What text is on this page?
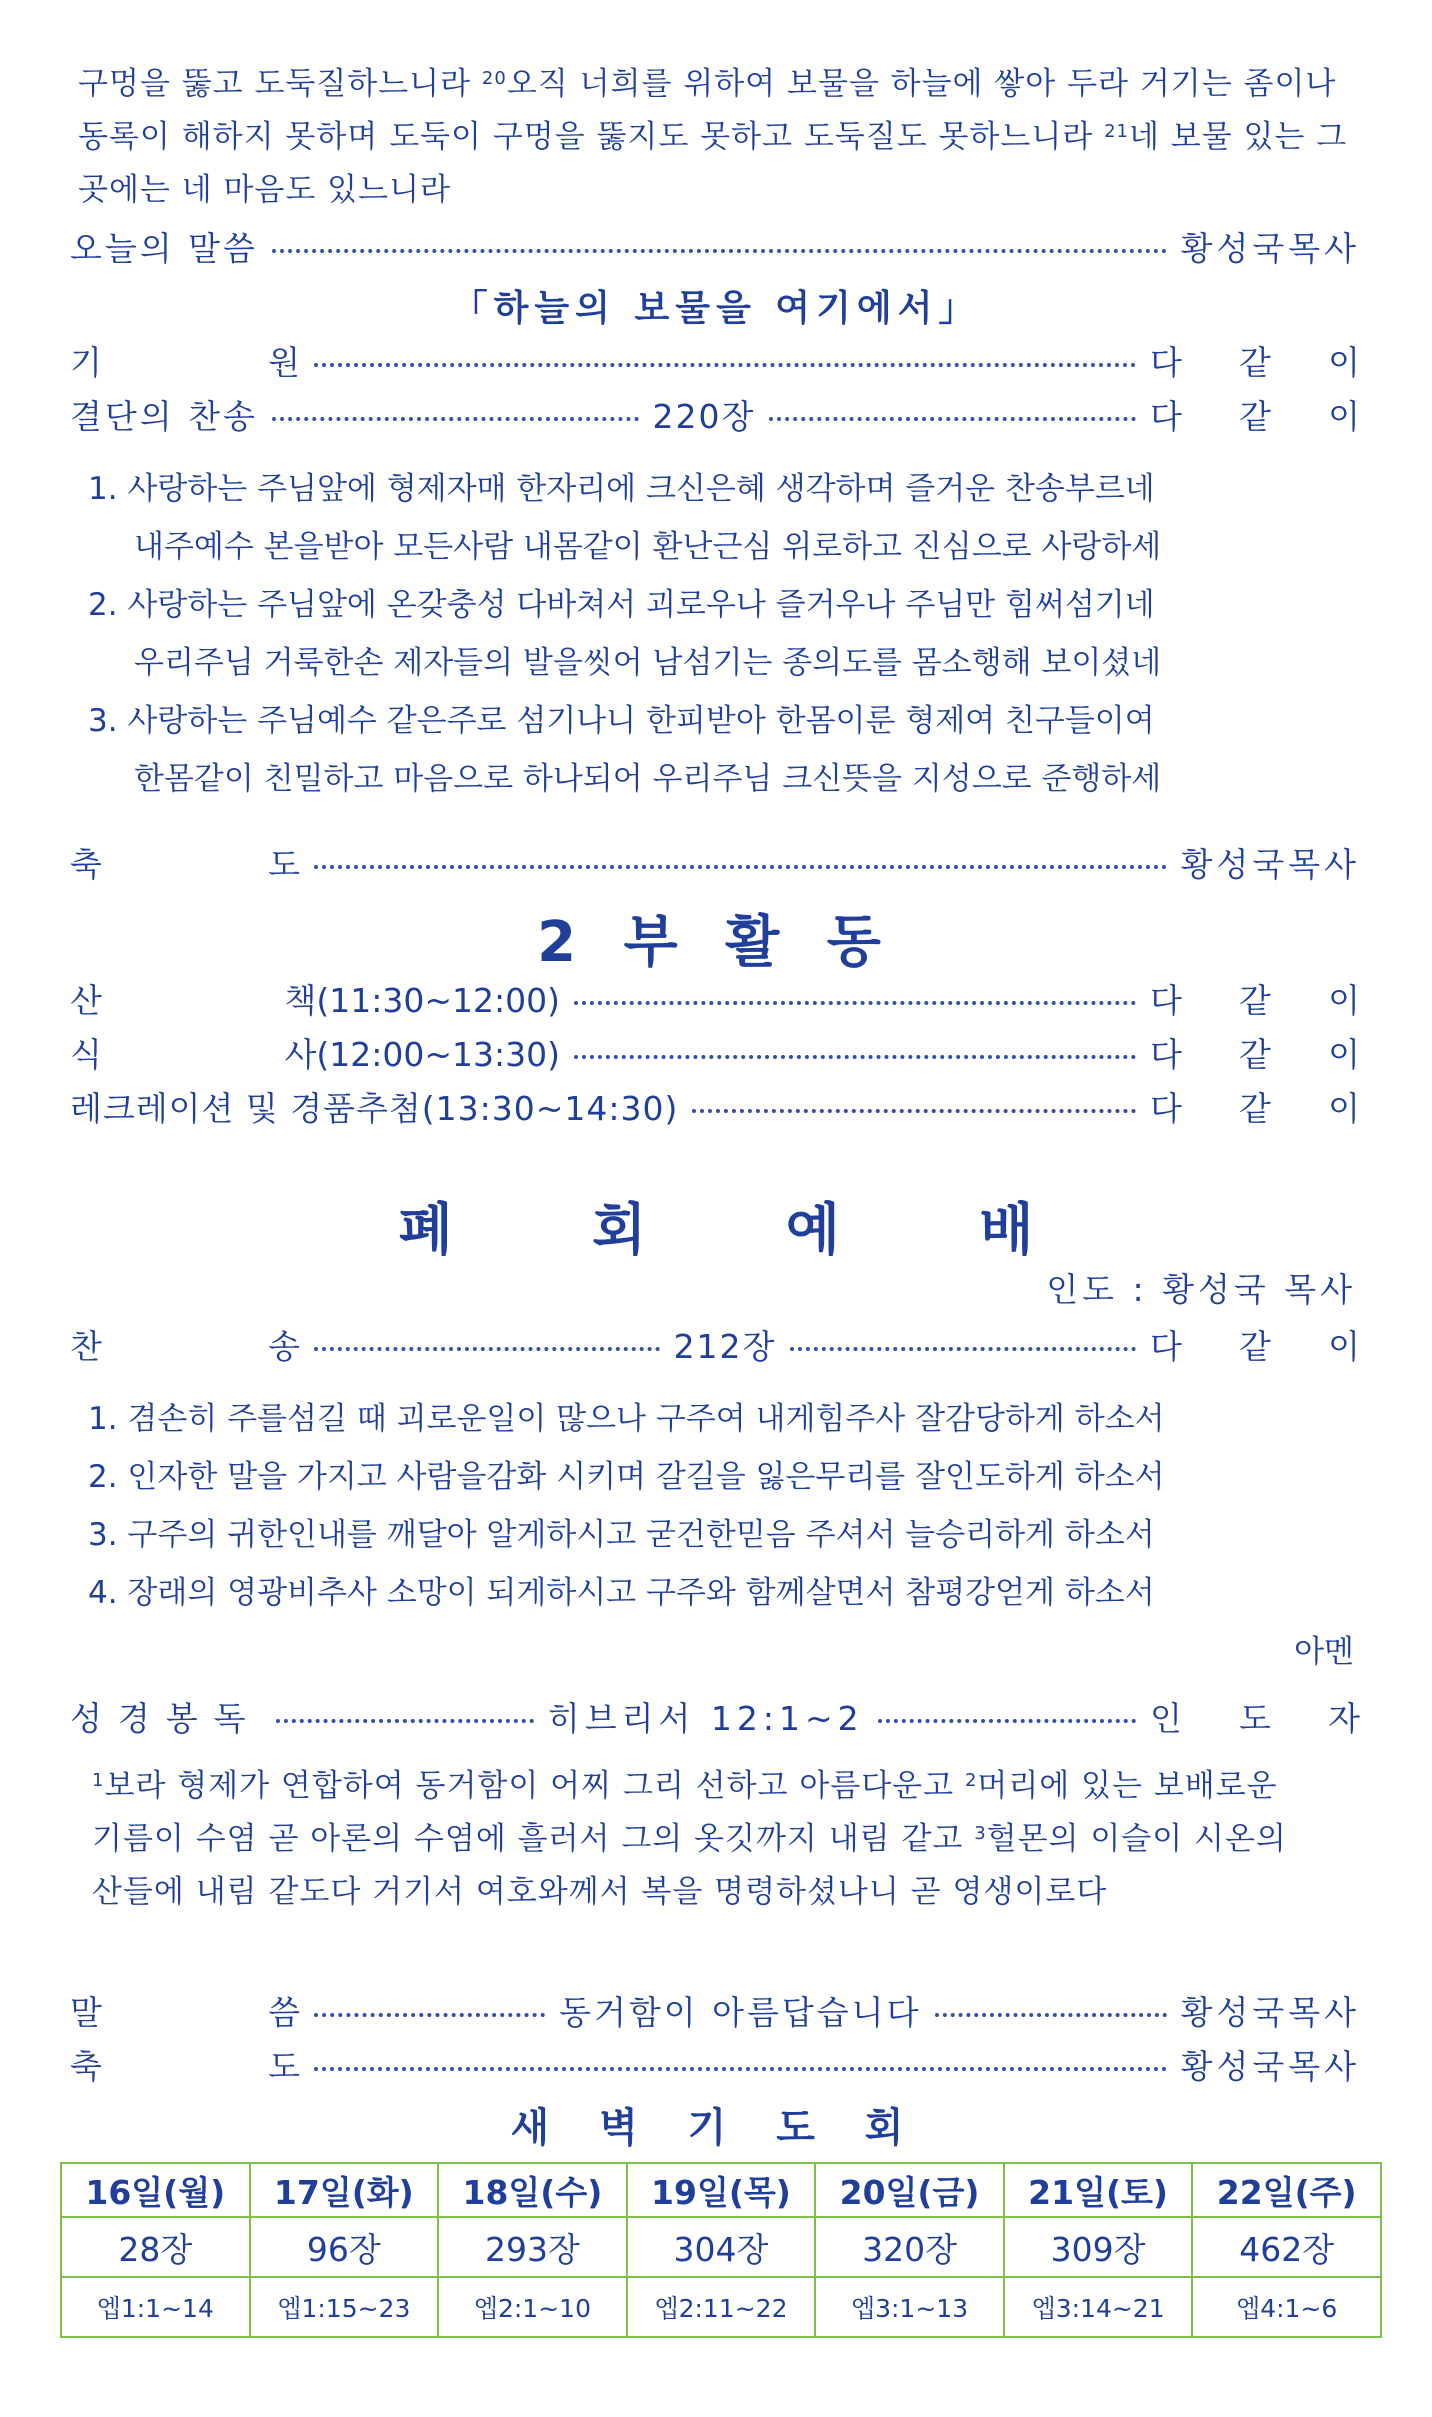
구멍을 뚫고 도둑질하느니라 $^{20}$오직 너희를 위하여 보물을 하늘에 쌓아 두라 거기는 좀이나 동록이 해하지 못하며 도둑이 구멍을 뚫지도 못하고 도둑질도 못하느니라 $^{21}$네 보물 있는 그 곳에는 네 마음도 있느니라
오늘의 말씀	황성국목사
「하늘의 보물을 여기에서」
기	원	다 같 이
결단의 찬송	220장	다 같 이
1. 사랑하는 주님앞에 형제자매 한자리에 크신은혜 생각하며 즐거운 찬송부르네
내주예수 본을받아 모든사람 내몸같이 환난근심 위로하고 진심으로 사랑하세
2. 사랑하는 주님앞에 온갖충성 다바쳐서 괴로우나 즐거우나 주님만 힘써섬기네
우리주님 거룩한손 제자들의 발을씻어 남섬기는 종의도를 몸소행해 보이셨네
3. 사랑하는 주님예수 같은주로 섬기나니 한피받아 한몸이룬 형제여 친구들이여
한몸같이 친밀하고 마음으로 하나되어 우리주님 크신뜻을 지성으로 준행하세
축	도	황성국목사
2 부 활 동
산	책(11:30~12:00)	다 같 이
식	사(12:00~13:30)	다 같 이
레크레이션 및 경품추첨(13:30~14:30)	다 같 이
폐 회 예 배
인도 : 황성국 목사
찬	송	212장	다 같 이
1. 겸손히 주를섬길 때 괴로운일이 많으나 구주여 내게힘주사 잘감당하게 하소서
2. 인자한 말을 가지고 사람을감화 시키며 갈길을 잃은무리를 잘인도하게 하소서
3. 구주의 귀한인내를 깨달아 알게하시고 굳건한믿음 주셔서 늘승리하게 하소서
4. 장래의 영광비추사 소망이 되게하시고 구주와 함께살면서 참평강얻게 하소서
아멘
성경봉독	히브리서 12:1~2	인 도 자
$^1$보라 형제가 연합하여 동거함이 어찌 그리 선하고 아름다운고 $^2$머리에 있는 보배로운 기름이 수염 곧 아론의 수염에 흘러서 그의 옷깃까지 내림 같고 $^3$헐몬의 이슬이 시온의 산들에 내림 같도다 거기서 여호와께서 복을 명령하셨나니 곧 영생이로다
말	씀	동거함이 아름답습니다	황성국목사
축	도	황성국목사
새 벽 기 도 회
16일(월)	17일(화)	18일(수)	19일(목)	20일(금)	21일(토)	22일(주)
28장	96장	293장	304장	320장	309장	462장
엡1:1~14	엡1:15~23	엡2:1~10	엡2:11~22	엡3:1~13	엡3:14~21	엡4:1~6
